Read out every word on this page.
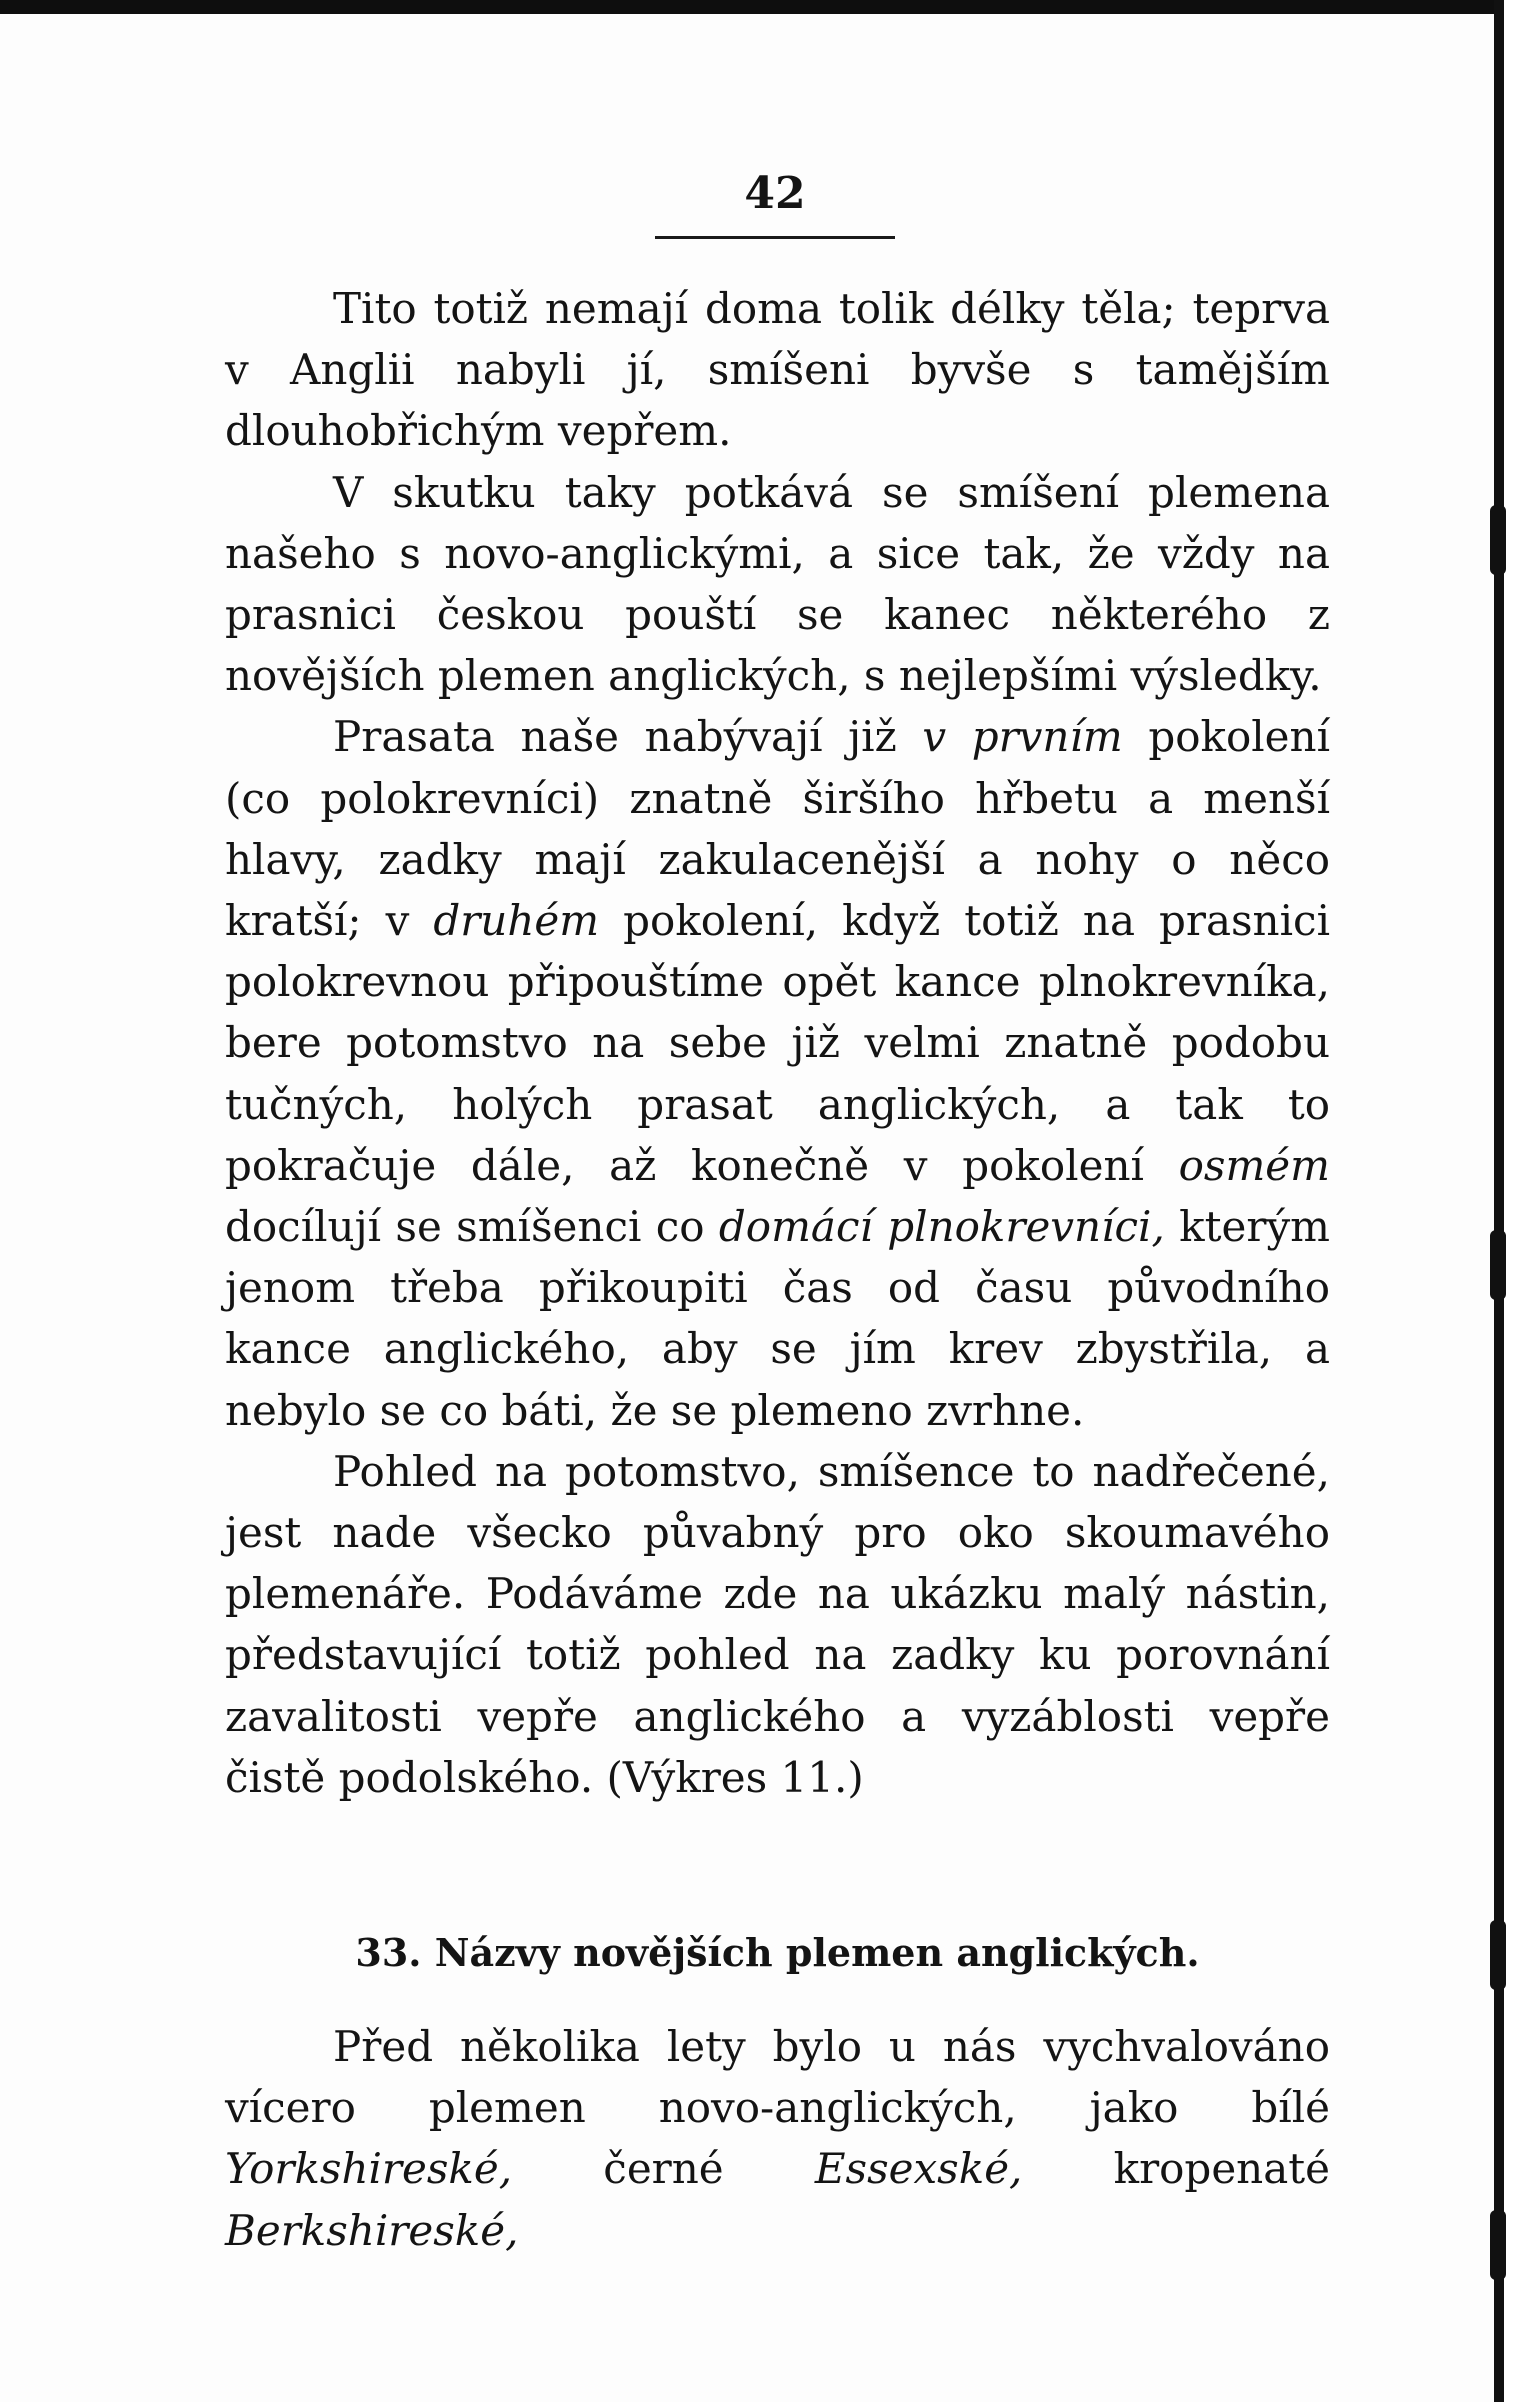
42

Tito totiž nemají doma tolik délky těla; teprva v Anglii nabyli jí, smíšeni byvše s tamějším dlouhobřichým vepřem.

V skutku taky potkává se smíšení plemena našeho s novo-anglickými, a sice tak, že vždy na prasnici českou pouští se kanec některého z novějších plemen anglických, s nejlepšími výsledky.

Prasata naše nabývají již v prvním pokolení (co polokrevníci) znatně širšího hřbetu a menší hlavy, zadky mají zakulacenější a nohy o něco kratší; v druhém pokolení, když totiž na prasnici polokrevnou připouštíme opět kance plnokrevníka, bere potomstvo na sebe již velmi znatně podobu tučných, holých prasat anglických, a tak to pokračuje dále, až konečně v pokolení osmém docílují se smíšenci co domácí plnokrevníci, kterým jenom třeba přikoupiti čas od času původního kance anglického, aby se jím krev zbystřila, a nebylo se co báti, že se plemeno zvrhne.

Pohled na potomstvo, smíšence to nadřečené, jest nade všecko půvabný pro oko skoumavého plemenáře. Podáváme zde na ukázku malý nástin, představující totiž pohled na zadky ku porovnání zavalitosti vepře anglického a vyzáblosti vepře čistě podolského. (Výkres 11.)

33. Názvy novějších plemen anglických.

Před několika lety bylo u nás vychvalováno vícero plemen novo-anglických, jako bílé Yorkshireské, černé Essexské, kropenaté Berkshireské,
